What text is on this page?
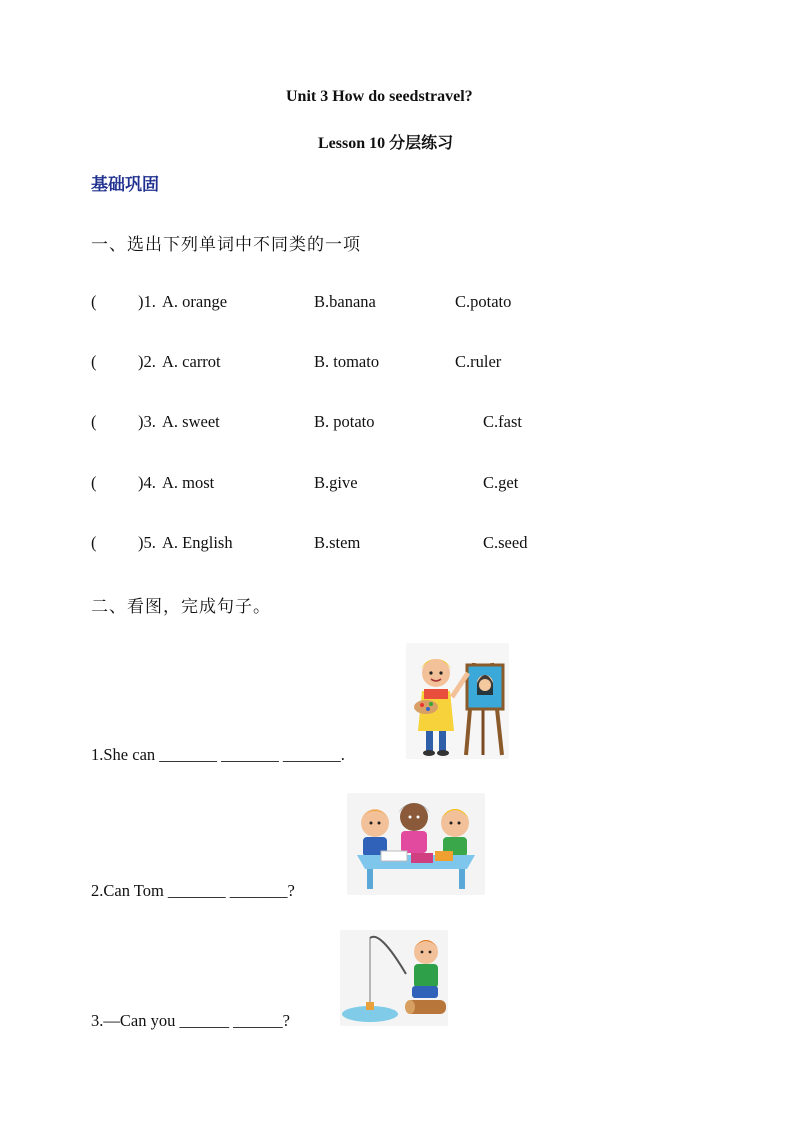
Unit 3 How do seedstravel?
Lesson 10 分层练习
基础巩固
一、选出下列单词中不同类的一项
(	)1. A. orange	B.banana	C.potato
(	)2. A. carrot	B. tomato	C.ruler
(	)3. A. sweet	B. potato	C.fast
(	)4. A. most	B.give	C.get
(	)5. A. English	B.stem	C.seed
二、看图，完成句子。
1.She can _______ _______ _______.
2.Can Tom _______ _______?
3.—Can you ______ ______?
